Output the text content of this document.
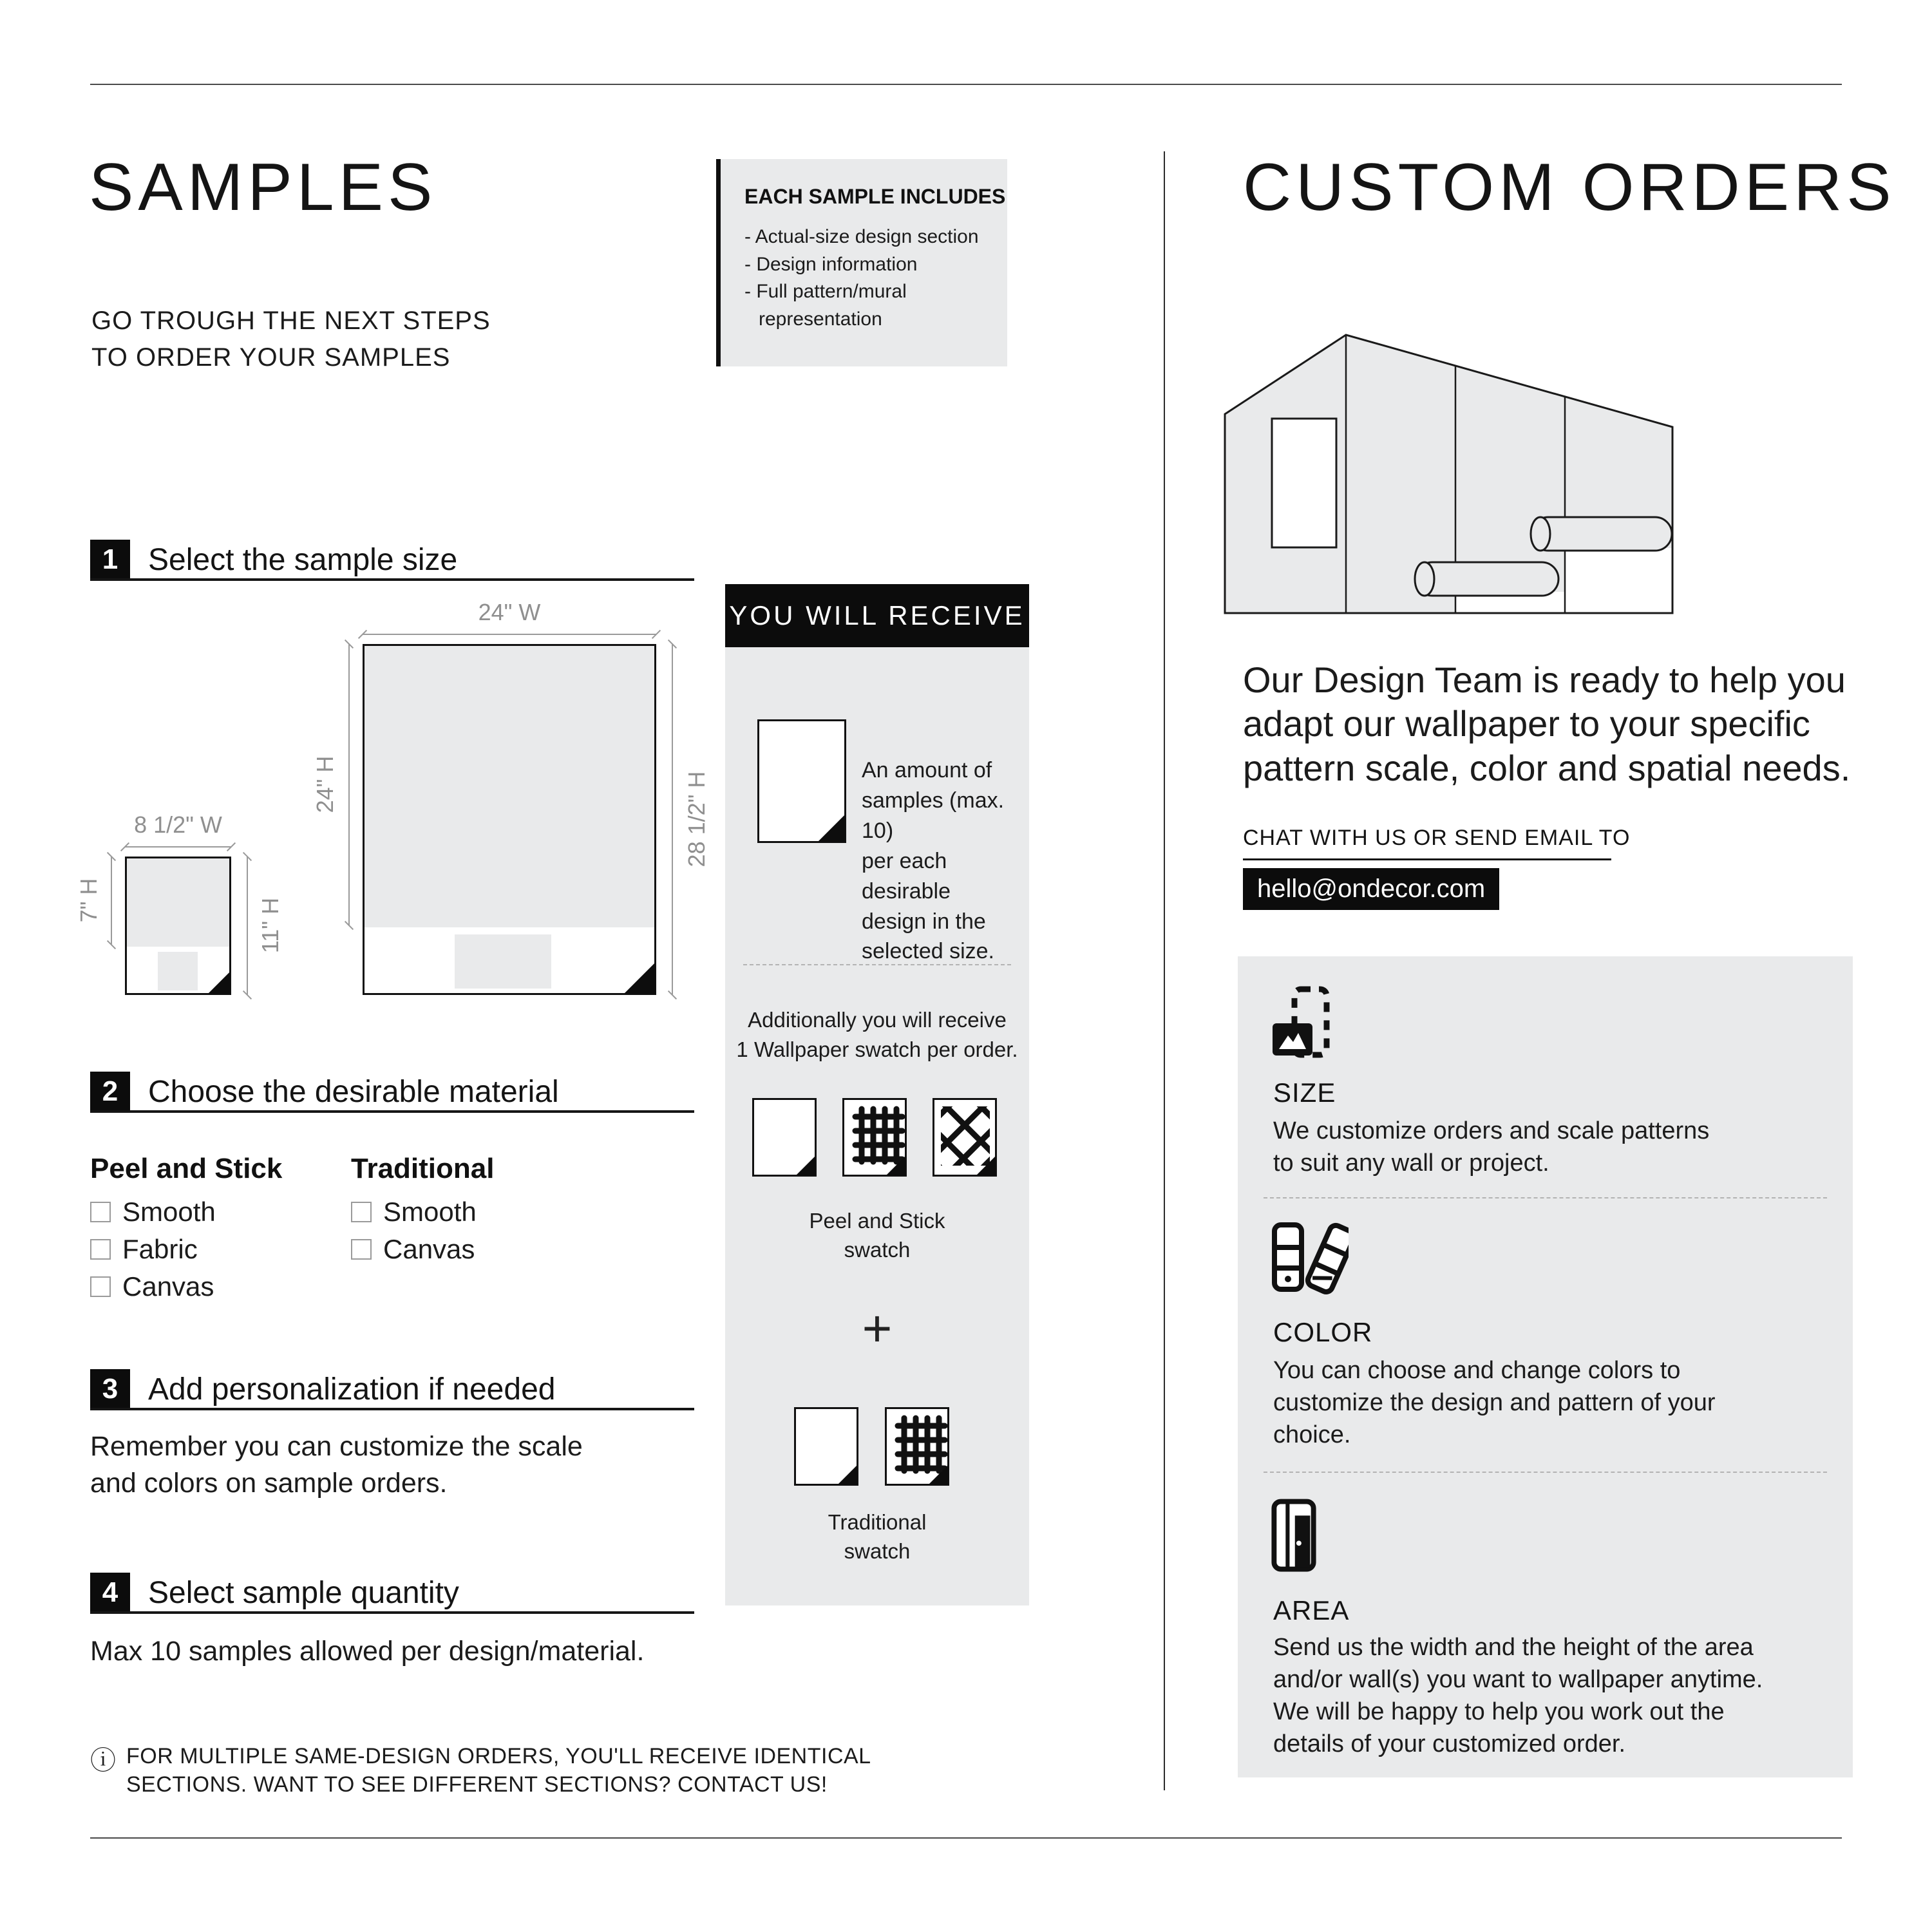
SAMPLES
GO TROUGH THE NEXT STEPS
TO ORDER YOUR SAMPLES
EACH SAMPLE INCLUDES
- Actual-size design section
- Design information
- Full pattern/mural representation
1 Select the sample size
24" W
24" H	28 1/2" H
8 1/2" W
7" H	11" H
2 Choose the desirable material
Peel and Stick
Smooth
Fabric
Canvas
Traditional
Smooth
Canvas
3 Add personalization if needed
Remember you can customize the scale and colors on sample orders.
4 Select sample quantity
Max 10 samples allowed per design/material.
ⓘ FOR MULTIPLE SAME-DESIGN ORDERS, YOU'LL RECEIVE IDENTICAL
SECTIONS. WANT TO SEE DIFFERENT SECTIONS? CONTACT US!
YOU WILL RECEIVE
An amount of
samples (max. 10)
per each desirable
design in the
selected size.
Additionally you will receive
1 Wallpaper swatch per order.
Peel and Stick
swatch
+
Traditional
swatch
CUSTOM ORDERS
Our Design Team is ready to help you adapt our wallpaper to your specific pattern scale, color and spatial needs.
CHAT WITH US OR SEND EMAIL TO
hello@ondecor.com
SIZE
We customize orders and scale patterns to suit any wall or project.
COLOR
You can choose and change colors to customize the design and pattern of your choice.
AREA
Send us the width and the height of the area and/or wall(s) you want to wallpaper anytime. We will be happy to help you work out the details of your customized order.
